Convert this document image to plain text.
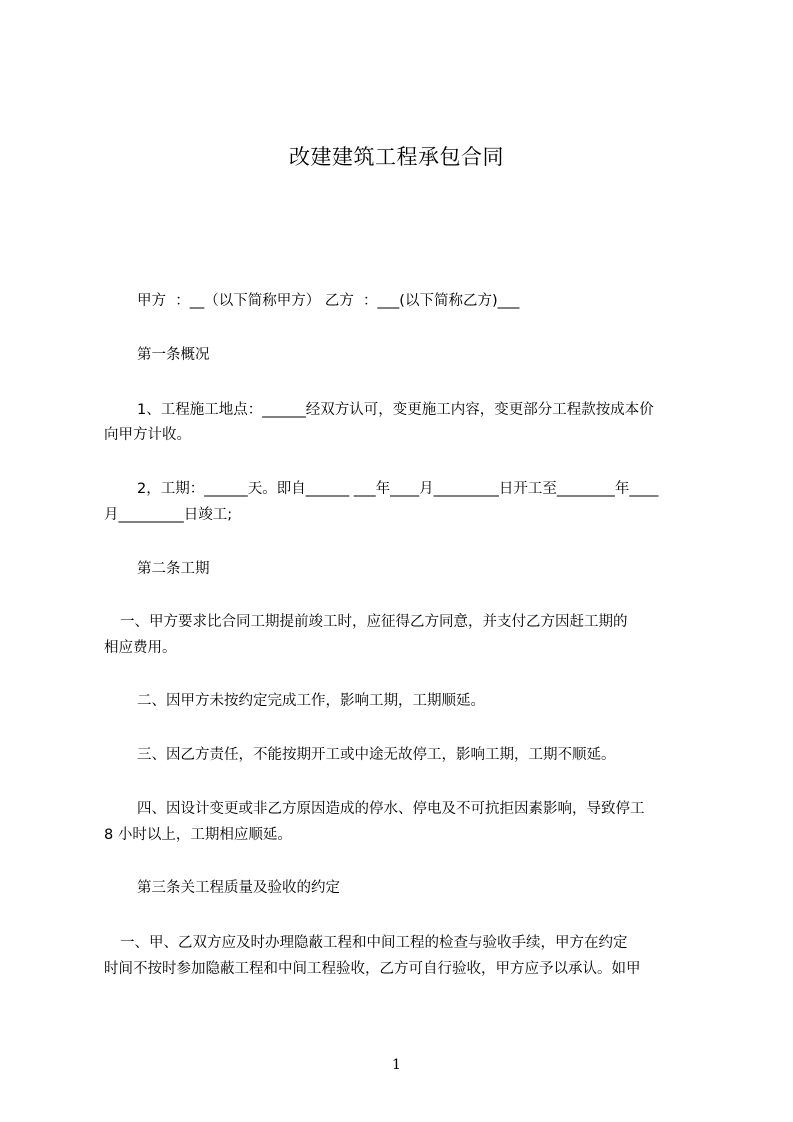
改建建筑工程承包合同
甲方  ：__（以下简称甲方） 乙方  ：___(以下简称乙方)___
第一条概况
1、工程施工地点：______经双方认可，变更施工内容，变更部分工程款按成本价
向甲方计收。
2，工期：______天。即自______ ___年____月_________日开工至________年____
月_________日竣工;
第二条工期
一、甲方要求比合同工期提前竣工时，应征得乙方同意，并支付乙方因赶工期的
相应费用。
二、因甲方未按约定完成工作，影响工期，工期顺延。
三、因乙方责任，不能按期开工或中途无故停工，影响工期，工期不顺延。
四、因设计变更或非乙方原因造成的停水、停电及不可抗拒因素影响，导致停工
8 小时以上，工期相应顺延。
第三条关工程质量及验收的约定
一、甲、乙双方应及时办理隐蔽工程和中间工程的检查与验收手续，甲方在约定
时间不按时参加隐蔽工程和中间工程验收，乙方可自行验收，甲方应予以承认。如甲
1
